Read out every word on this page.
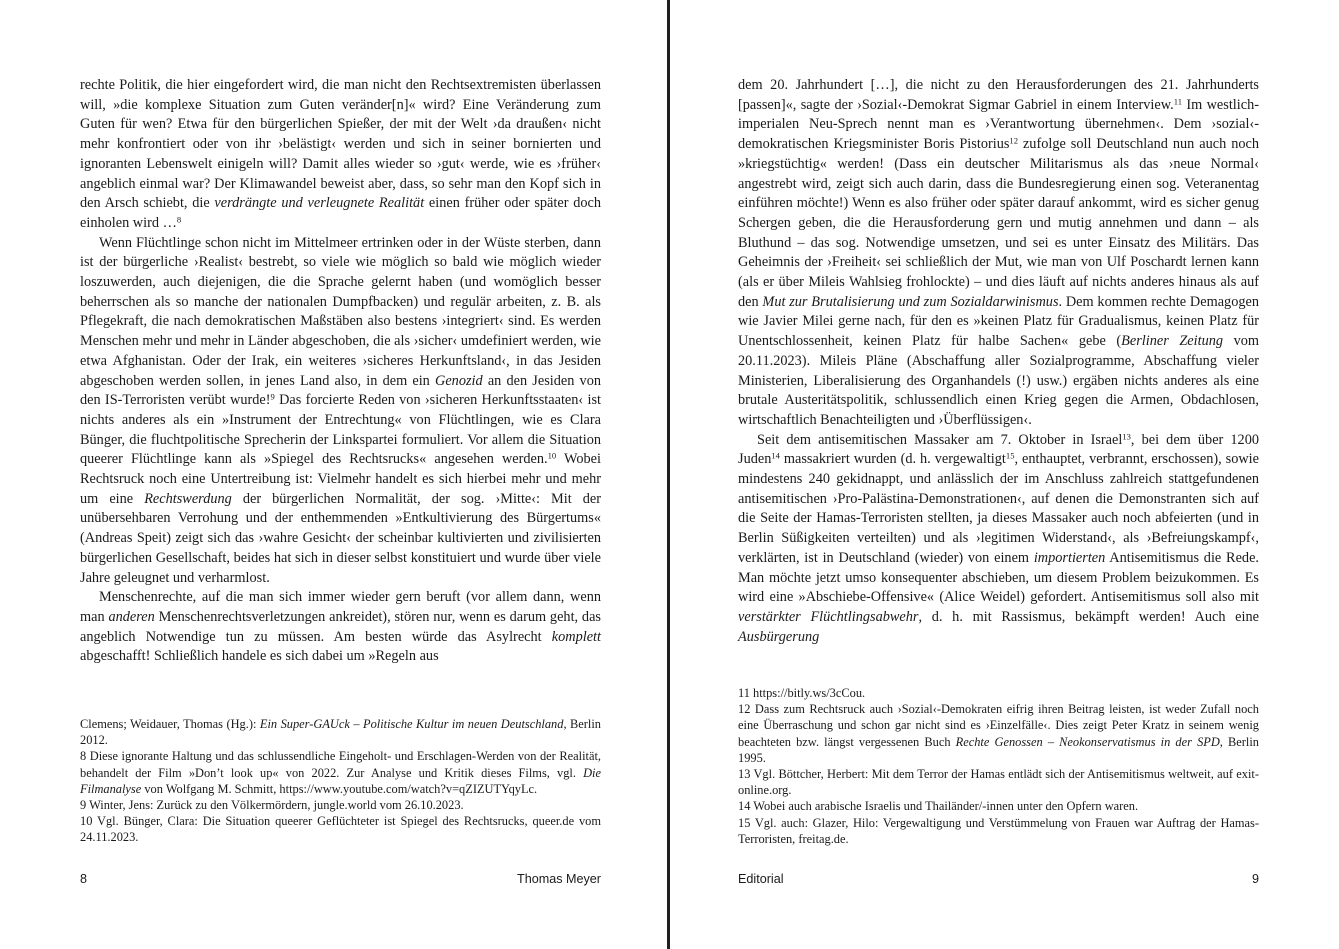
rechte Politik, die hier eingefordert wird, die man nicht den Rechtsextremisten überlassen will, »die komplexe Situation zum Guten veränder[n]« wird? Eine Veränderung zum Guten für wen? Etwa für den bürgerlichen Spießer, der mit der Welt ›da draußen‹ nicht mehr konfrontiert oder von ihr ›belästigt‹ werden und sich in seiner bornierten und ignoranten Lebenswelt einigeln will? Damit alles wieder so ›gut‹ werde, wie es ›früher‹ angeblich einmal war? Der Klimawandel beweist aber, dass, so sehr man den Kopf sich in den Arsch schiebt, die verdrängte und verleugnete Realität einen früher oder später doch einholen wird …$^8$

Wenn Flüchtlinge schon nicht im Mittelmeer ertrinken oder in der Wüste sterben, dann ist der bürgerliche ›Realist‹ bestrebt, so viele wie möglich so bald wie möglich wieder loszuwerden, auch diejenigen, die die Sprache gelernt haben (und womöglich besser beherrschen als so manche der nationalen Dumpfbacken) und regulär arbeiten, z. B. als Pflegekraft, die nach demokratischen Maßstäben also bestens ›integriert‹ sind. Es werden Menschen mehr und mehr in Länder abgeschoben, die als ›sicher‹ umdefiniert werden, wie etwa Afghanistan. Oder der Irak, ein weiteres ›sicheres Herkunftsland‹, in das Jesiden abgeschoben werden sollen, in jenes Land also, in dem ein Genozid an den Jesiden von den IS-Terroristen verübt wurde!$^9$ Das forcierte Reden von ›sicheren Herkunftsstaaten‹ ist nichts anderes als ein »Instrument der Entrechtung« von Flüchtlingen, wie es Clara Bünger, die fluchtpolitische Sprecherin der Linkspartei formuliert. Vor allem die Situation queerer Flüchtlinge kann als »Spiegel des Rechtsrucks« angesehen werden.$^{10}$ Wobei Rechtsruck noch eine Untertreibung ist: Vielmehr handelt es sich hierbei mehr und mehr um eine Rechtswerdung der bürgerlichen Normalität, der sog. ›Mitte‹: Mit der unübersehbaren Verrohung und der enthemmenden »Entkultivierung des Bürgertums« (Andreas Speit) zeigt sich das ›wahre Gesicht‹ der scheinbar kultivierten und zivilisierten bürgerlichen Gesellschaft, beides hat sich in dieser selbst konstituiert und wurde über viele Jahre geleugnet und verharmlost.

Menschenrechte, auf die man sich immer wieder gern beruft (vor allem dann, wenn man anderen Menschenrechtsverletzungen ankreidet), stören nur, wenn es darum geht, das angeblich Notwendige tun zu müssen. Am besten würde das Asylrecht komplett abgeschafft! Schließlich handele es sich dabei um »Regeln aus

Clemens; Weidauer, Thomas (Hg.): Ein Super-GAUck – Politische Kultur im neuen Deutschland, Berlin 2012.

8 Diese ignorante Haltung und das schlussendliche Eingeholt- und Erschlagen-Werden von der Realität, behandelt der Film »Don’t look up« von 2022. Zur Analyse und Kritik dieses Films, vgl. Die Filmanalyse von Wolfgang M. Schmitt, https://www.youtube.com/watch?v=qZIZUTYqyLc.

9 Winter, Jens: Zurück zu den Völkermördern, jungle.world vom 26.10.2023.

10 Vgl. Bünger, Clara: Die Situation queerer Geflüchteter ist Spiegel des Rechtsrucks, queer.de vom 24.11.2023.

8	Thomas Meyer

dem 20. Jahrhundert […], die nicht zu den Herausforderungen des 21. Jahrhunderts [passen]«, sagte der ›Sozial‹-Demokrat Sigmar Gabriel in einem Interview.$^{11}$ Im westlich-imperialen Neu-Sprech nennt man es ›Verantwortung übernehmen‹. Dem ›sozial‹-demokratischen Kriegsminister Boris Pistorius$^{12}$ zufolge soll Deutschland nun auch noch »kriegstüchtig« werden! (Dass ein deutscher Militarismus als das ›neue Normal‹ angestrebt wird, zeigt sich auch darin, dass die Bundesregierung einen sog. Veteranentag einführen möchte!) Wenn es also früher oder später darauf ankommt, wird es sicher genug Schergen geben, die die Herausforderung gern und mutig annehmen und dann – als Bluthund – das sog. Notwendige umsetzen, und sei es unter Einsatz des Militärs. Das Geheimnis der ›Freiheit‹ sei schließlich der Mut, wie man von Ulf Poschardt lernen kann (als er über Mileis Wahlsieg frohlockte) – und dies läuft auf nichts anderes hinaus als auf den Mut zur Brutalisierung und zum Sozialdarwinismus. Dem kommen rechte Demagogen wie Javier Milei gerne nach, für den es »keinen Platz für Gradualismus, keinen Platz für Unentschlossenheit, keinen Platz für halbe Sachen« gebe (Berliner Zeitung vom 20.11.2023). Mileis Pläne (Abschaffung aller Sozialprogramme, Abschaffung vieler Ministerien, Liberalisierung des Organhandels (!) usw.) ergäben nichts anderes als eine brutale Austeritätspolitik, schlussendlich einen Krieg gegen die Armen, Obdachlosen, wirtschaftlich Benachteiligten und ›Überflüssigen‹.

Seit dem antisemitischen Massaker am 7. Oktober in Israel$^{13}$, bei dem über 1200 Juden$^{14}$ massakriert wurden (d. h. vergewaltigt$^{15}$, enthauptet, verbrannt, erschossen), sowie mindestens 240 gekidnappt, und anlässlich der im Anschluss zahlreich stattgefundenen antisemitischen ›Pro-Palästina-Demonstrationen‹, auf denen die Demonstranten sich auf die Seite der Hamas-Terroristen stellten, ja dieses Massaker auch noch abfeierten (und in Berlin Süßigkeiten verteilten) und als ›legitimen Widerstand‹, als ›Befreiungskampf‹, verklärten, ist in Deutschland (wieder) von einem importierten Antisemitismus die Rede. Man möchte jetzt umso konsequenter abschieben, um diesem Problem beizukommen. Es wird eine »Abschiebe-Offensive« (Alice Weidel) gefordert. Antisemitismus soll also mit verstärkter Flüchtlingsabwehr, d. h. mit Rassismus, bekämpft werden! Auch eine Ausbürgerung

11 https://bitly.ws/3cCou.

12 Dass zum Rechtsruck auch ›Sozial‹-Demokraten eifrig ihren Beitrag leisten, ist weder Zufall noch eine Überraschung und schon gar nicht sind es ›Einzelfälle‹. Dies zeigt Peter Kratz in seinem wenig beachteten bzw. längst vergessenen Buch Rechte Genossen – Neokonservatismus in der SPD, Berlin 1995.

13 Vgl. Böttcher, Herbert: Mit dem Terror der Hamas entlädt sich der Antisemitismus weltweit, auf exit-online.org.

14 Wobei auch arabische Israelis und Thailänder/-innen unter den Opfern waren.

15 Vgl. auch: Glazer, Hilo: Vergewaltigung und Verstümmelung von Frauen war Auftrag der Hamas-Terroristen, freitag.de.

Editorial	9
